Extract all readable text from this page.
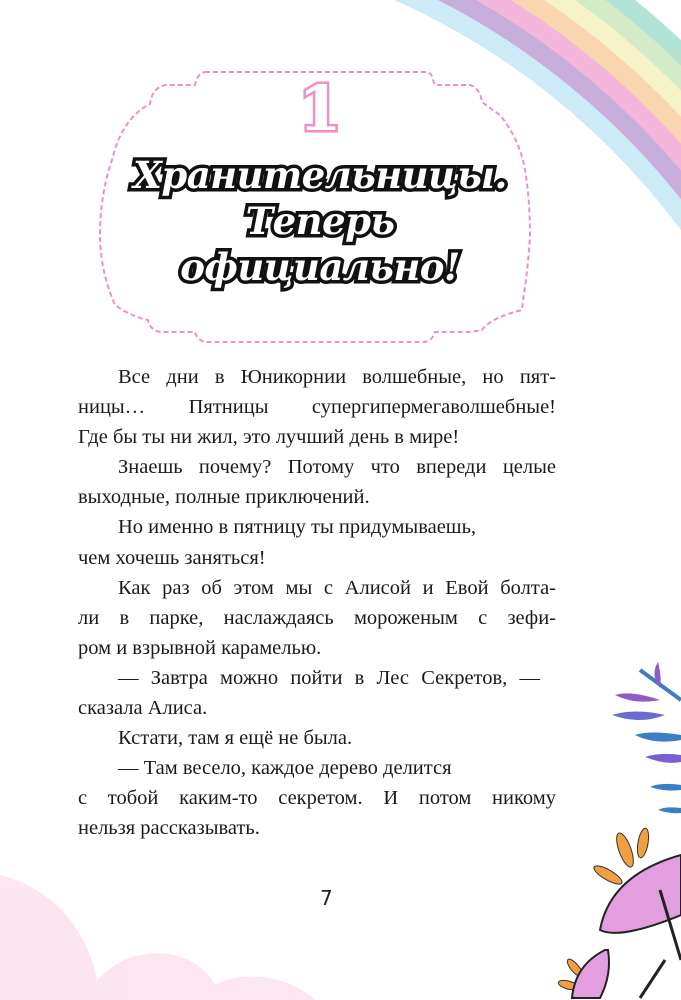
1
Хранительницы.
Теперь
официально!
Все дни в Юникорнии волшебные, но пят-
ницы… Пятницы супергипермегаволшебные!
Где бы ты ни жил, это лучший день в мире!
Знаешь почему? Потому что впереди целые
выходные, полные приключений.
Но именно в пятницу ты придумываешь,
чем хочешь заняться!
Как раз об этом мы с Алисой и Евой болта-
ли в парке, наслаждаясь мороженым с зефи-
ром и взрывной карамелью.
— Завтра можно пойти в Лес Секретов, —
сказала Алиса.
Кстати, там я ещё не была.
— Там весело, каждое дерево делится
с тобой каким-то секретом. И потом никому
нельзя рассказывать.
7
